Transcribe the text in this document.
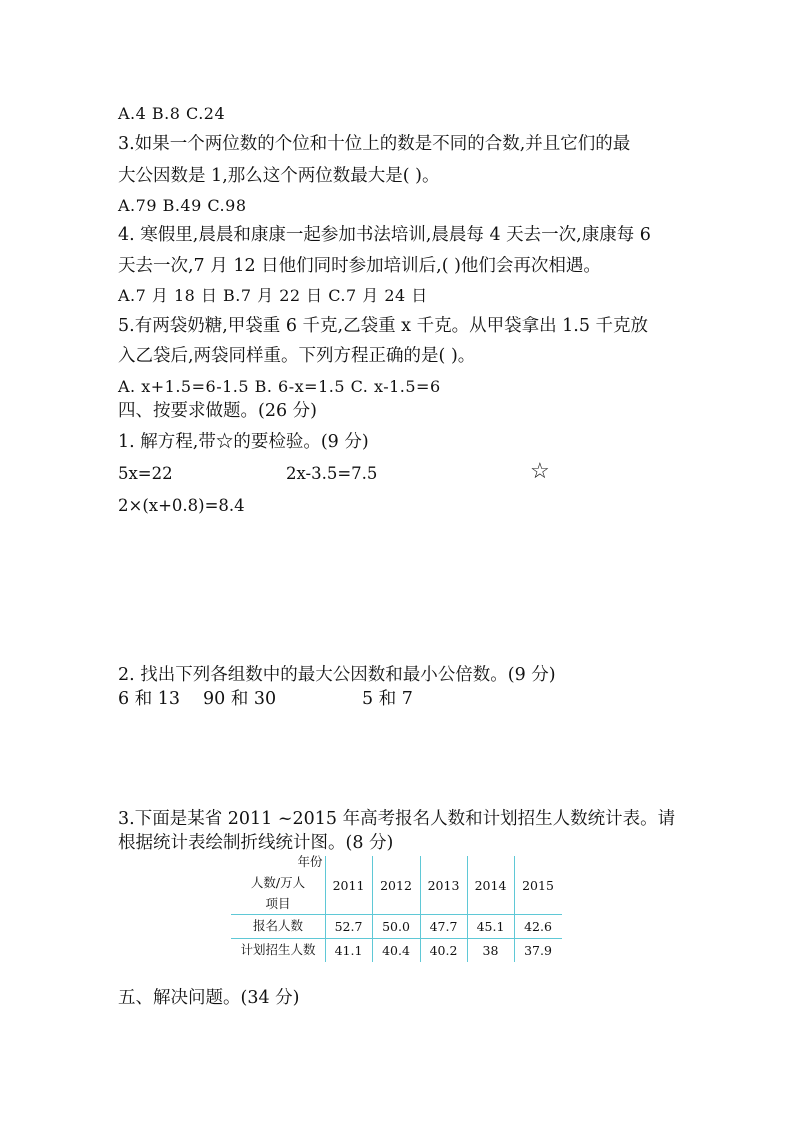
A.4 B.8 C.24
3.如果一个两位数的个位和十位上的数是不同的合数,并且它们的最
大公因数是 1,那么这个两位数最大是( )。
A.79 B.49 C.98
4. 寒假里,晨晨和康康一起参加书法培训,晨晨每 4 天去一次,康康每 6
天去一次,7 月 12 日他们同时参加培训后,( )他们会再次相遇。
A.7 月 18 日 B.7 月 22 日 C.7 月 24 日
5.有两袋奶糖,甲袋重 6 千克,乙袋重 x 千克。从甲袋拿出 1.5 千克放
入乙袋后,两袋同样重。下列方程正确的是( )。
A. x+1.5=6-1.5 B. 6-x=1.5 C. x-1.5=6
四、按要求做题。(26 分)
1. 解方程,带☆的要检验。(9 分)
5x=22	2x-3.5=7.5	☆
2×(x+0.8)=8.4
2. 找出下列各组数中的最大公因数和最小公倍数。(9 分)
6 和 13 90 和 30	5 和 7
3.下面是某省 2011 ~2015 年高考报名人数和计划招生人数统计表。请
根据统计表绘制折线统计图。(8 分)
年份
人数/万人
项目
2011	2012	2013	2014	2015
报名人数	52.7	50.0	47.7	45.1	42.6
计划招生人数	41.1	40.4	40.2	38	37.9
五、解决问题。(34 分)
